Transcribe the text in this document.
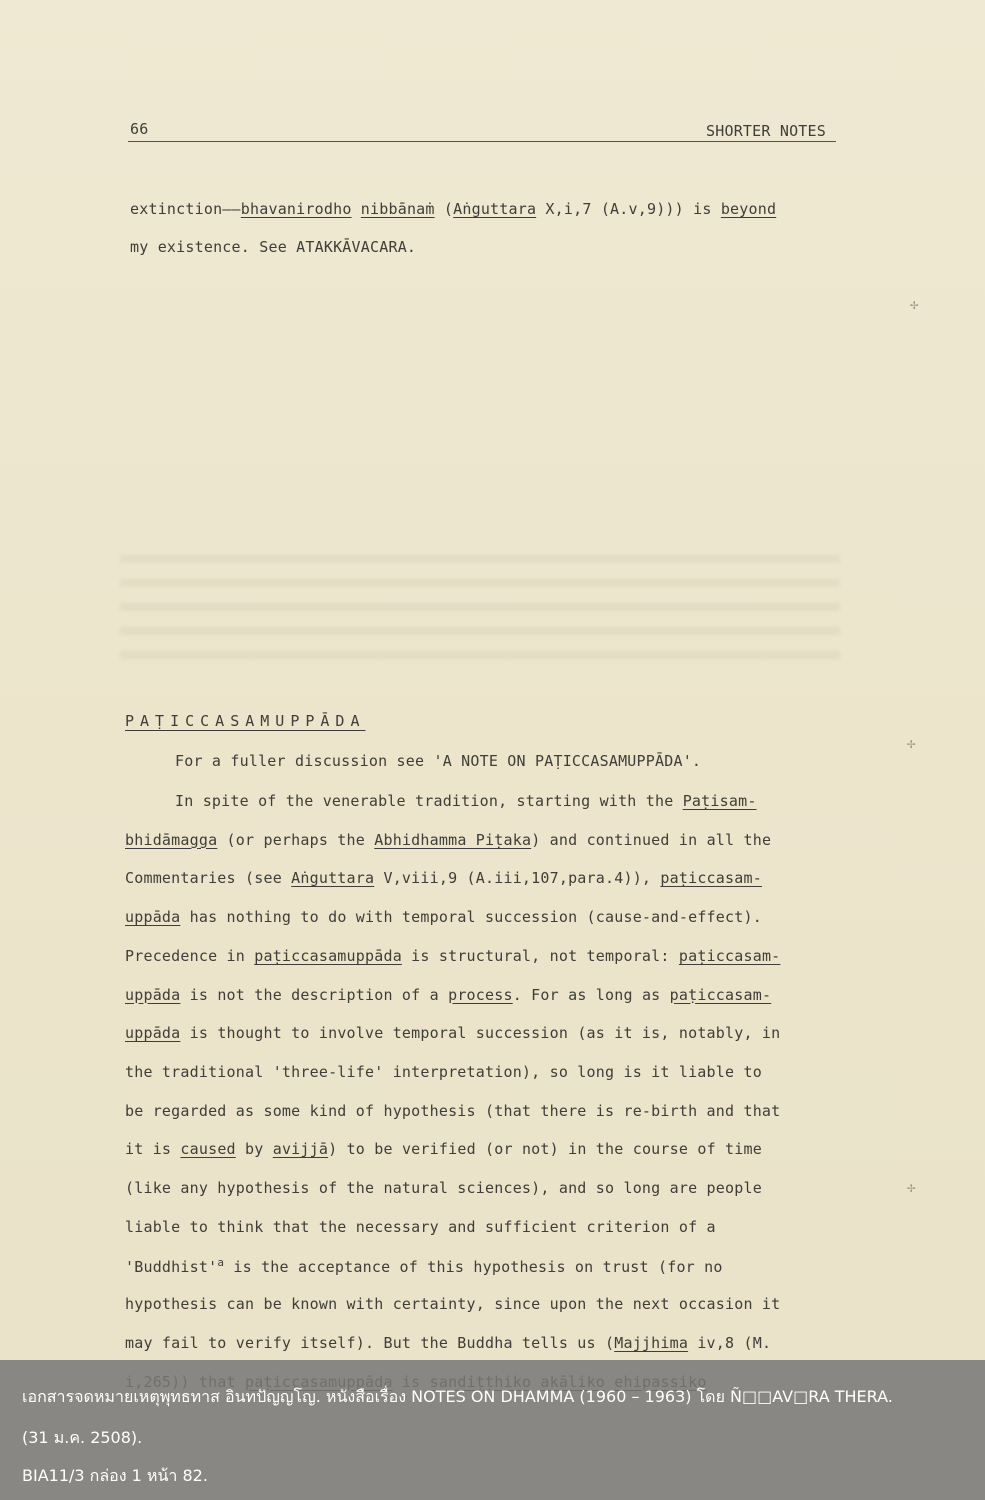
66	SHORTER NOTES
extinction——bhavanirodho nibbānaṁ (Aṅguttara X,i,7 (A.v,9))) is beyond
my existence. See ATAKKĀVACARA.
PAṬICCASAMUPPĀDA
For a fuller discussion see 'A NOTE ON PAṬICCASAMUPPĀDA'.
In spite of the venerable tradition, starting with the Paṭisam-
bhidāmagga (or perhaps the Abhidhamma Piṭaka) and continued in all the
Commentaries (see Aṅguttara V,viii,9 (A.iii,107,para.4)), paṭiccasam-
uppāda has nothing to do with temporal succession (cause-and-effect).
Precedence in paṭiccasamuppāda is structural, not temporal: paṭiccasam-
uppāda is not the description of a process. For as long as paṭiccasam-
uppāda is thought to involve temporal succession (as it is, notably, in
the traditional 'three-life' interpretation), so long is it liable to
be regarded as some kind of hypothesis (that there is re-birth and that
it is caused by avijjā) to be verified (or not) in the course of time
(like any hypothesis of the natural sciences), and so long are people
liable to think that the necessary and sufficient criterion of a
'$Buddhist'^a$ is the acceptance of this hypothesis on trust (for no
hypothesis can be known with certainty, since upon the next occasion it
may fail to verify itself). But the Buddha tells us (Majjhima iv,8 (M.
✢
✢
✢
เอกสารจดหมายเหตุพุทธทาส อินทปัญญโญ. หนังสือเรื่อง NOTES ON DHAMMA (1960 – 1963) โดย Ñ□□AV□RA THERA.
(31 ม.ค. 2508).
BIA11/3 กล่อง 1 หน้า 82.
